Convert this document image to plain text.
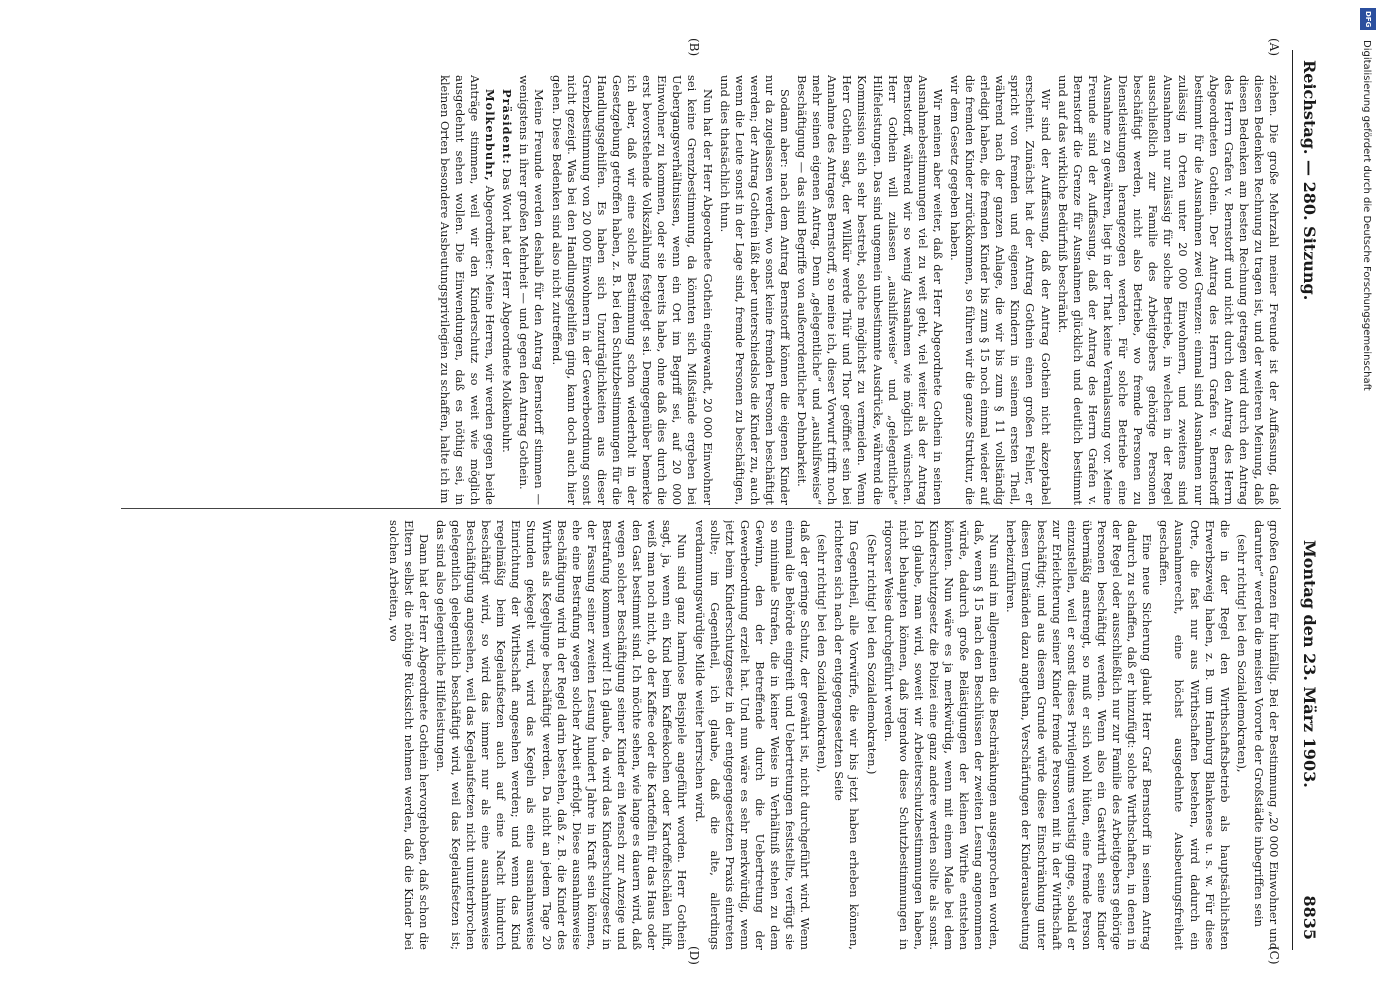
Reichstag. — 280. Sitzung.
Montag den 23. März 1903.
8835
(A)
(B)
(C)
(D)

ziehen. Die große Mehrzahl meiner Freunde ist der Auffassung, daß diesen Bedenken Rechnung zu tragen ist, und der weiteren Meinung, daß diesen Bedenken am besten Rechnung getragen wird durch den Antrag des Herrn Grafen v. Bernstorff und nicht durch den Antrag des Herrn Abgeordneten Gothein. Der Antrag des Herrn Grafen v. Bernstorff bestimmt für die Ausnahmen zwei Grenzen: einmal sind Ausnahmen nur zulässig in Orten unter 20 000 Einwohnern, und zweitens sind Ausnahmen nur zulässig für solche Betriebe, in welchen in der Regel ausschließlich zur Familie des Arbeitgebers gehörige Personen beschäftigt werden, nicht also Betriebe, wo fremde Personen zu Dienstleistungen herangezogen werden. Für solche Betriebe eine Ausnahme zu gewähren, liegt in der That keine Veranlassung vor. Meine Freunde sind der Auffassung, daß der Antrag des Herrn Grafen v. Bernstorff die Grenze für Ausnahmen glücklich und deutlich bestimmt und auf das wirkliche Bedürfniß beschränkt.

Wir sind der Auffassung, daß der Antrag Gothein nicht akzeptabel erscheint. Zunächst hat der Antrag Gothein einen großen Fehler, er spricht von fremden und eigenen Kindern in seinem ersten Theil, während nach der ganzen Anlage, die wir bis zum § 11 vollständig erledigt haben, die fremden Kinder bis zum § 15 noch einmal wieder auf die fremden Kinder zurückkommen, so führen wir die ganze Struktur, die wir dem Gesetz gegeben haben.

Wir meinen aber weiter, daß der Herr Abgeordnete Gothein in seinen Ausnahmebestimmungen viel zu weit geht, viel weiter als der Antrag Bernstorff, während wir so wenig Ausnahmen wie möglich wünschen. Herr Gothein will zulassen „aushilfsweise“ und „gelegentliche“ Hilfeleistungen. Das sind ungemein unbestimmte Ausdrücke, während die Kommission sich sehr bestrebt, solche möglichst zu vermeiden. Wenn Herr Gothein sagt, der Willkür werde Thür und Thor geöffnet sein bei Annahme des Antrages Bernstorff, so meine ich, dieser Vorwurf trifft noch mehr seinen eigenen Antrag. Denn „gelegentliche“ und „aushilfsweise“ Beschäftigung — das sind Begriffe von außerordentlicher Dehnbarkeit.

Sodann aber: nach dem Antrag Bernstorff können die eigenen Kinder nur da zugelassen werden, wo sonst keine fremden Personen beschäftigt werden; der Antrag Gothein läßt aber unterschiedslos die Kinder zu, auch wenn die Leute sonst in der Lage sind, fremde Personen zu beschäftigen, und dies thatsächlich thun.

Nun hat der Herr Abgeordnete Gothein eingewandt, 20 000 Einwohner sei keine Grenzbestimmung, da könnten sich Mißstände ergeben bei Uebergangsverhältnissen, wenn ein Ort im Begriff sei, auf 20 000 Einwohner zu kommen, oder sie bereits habe, ohne daß dies durch die erst bevorstehende Volkszählung festgelegt sei. Demgegenüber bemerke ich aber, daß wir eine solche Bestimmung schon wiederholt in der Gesetzgebung getroffen haben, z. B. bei den Schutzbestimmungen für die Handlungsgehilfen. Es haben sich Unzuträglichkeiten aus dieser Grenzbestimmung von 20 000 Einwohnern in der Gewerbeordnung sonst nicht gezeigt. Was bei den Handlungsgehilfen ging, kann doch auch hier gehen. Diese Bedenken sind also nicht zutreffend.

Meine Freunde werden deshalb für den Antrag Bernstorff stimmen — wenigstens in ihrer großen Mehrheit — und gegen den Antrag Gothein.

Präsident: Das Wort hat der Herr Abgeordnete Molkenbuhr.

Molkenbuhr, Abgeordneter: Meine Herren, wir werden gegen beide Anträge stimmen, weil wir den Kinderschutz so weit wie möglich ausgedehnt sehen wollen. Die Einwendungen, daß es nöthig sei, in kleinen Orten besondere Ausbeutungsprivilegien zu schaffen, halte ich im

großen Ganzen für hinfällig. Bei der Bestimmung „20 000 Einwohner und darunter“ werden die meisten Vororte der Großstädte inbegriffen sein

(sehr richtig! bei den Sozialdemokraten),

die in der Regel den Wirthschaftsbetrieb als hauptsächlichsten Erwerbszweig haben, z. B. um Hamburg Blankenese u. s. w. Für diese Orte, die fast nur aus Wirthschaften bestehen, wird dadurch ein Ausnahmerecht, eine höchst ausgedehnte Ausbeutungsfreiheit geschaffen.

Eine neue Sicherung glaubt Herr Graf Bernstorff in seinem Antrag dadurch zu schaffen, daß er hinzufügt: solche Wirthschaften, in denen in der Regel oder ausschließlich nur zur Familie des Arbeitgebers gehörige Personen beschäftigt werden. Wenn also ein Gastwirth seine Kinder übermäßig anstrengt, so muß er sich wohl hüten, eine fremde Person einzustellen, weil er sonst dieses Privilegiums verlustig ginge, sobald er zur Erleichterung seiner Kinder fremde Personen mit in der Wirthschaft beschäftigt; und aus diesem Grunde würde diese Einschränkung unter diesen Umständen dazu angethan, Verschärfungen der Kinderausbeutung herbeizuführen.

Nun sind im allgemeinen die Beschränkungen ausgesprochen worden, daß, wenn § 15 nach den Beschlüssen der zweiten Lesung angenommen würde, dadurch große Belästigungen der kleinen Wirthe entstehen könnten. Nun wäre es ja merkwürdig, wenn mit einem Male bei dem Kinderschutzgesetz die Polizei eine ganz andere werden sollte als sonst. Ich glaube, man wird, soweit wir Arbeiterschutzbestimmungen haben, nicht behaupten können, daß irgendwo diese Schutzbestimmungen in rigoroser Weise durchgeführt werden.

(Sehr richtig! bei den Sozialdemokraten.)

Im Gegentheil, alle Vorwürfe, die wir bis jetzt haben erheben können, richteten sich nach der entgegengesetzten Seite

(sehr richtig! bei den Sozialdemokraten),

daß der geringe Schutz, der gewährt ist, nicht durchgeführt wird. Wenn einmal die Behörde eingreift und Uebertretungen feststellte, verfügt sie so minimale Strafen, die in keiner Weise in Verhältniß stehen zu dem Gewinn, den der Betreffende durch die Uebertretung der Gewerbeordnung erzielt hat. Und nun wäre es sehr merkwürdig, wenn jetzt beim Kinderschutzgesetz in der entgegengesetzten Praxis eintreten sollte; im Gegentheil, ich glaube, daß die alte, allerdings verdammungswürdige Milde weiter herrschen wird.

Nun sind ganz harmlose Beispiele angeführt worden. Herr Gothein sagt, ja, wenn ein Kind beim Kaffeekochen oder Kartoffelschälen hilft, weiß man noch nicht, ob der Kaffee oder die Kartoffeln für das Haus oder den Gast bestimmt sind. Ich möchte sehen, wie lange es dauern wird, daß wegen solcher Beschäftigung seiner Kinder ein Mensch zur Anzeige und Bestrafung kommen wird! Ich glaube, da wird das Kinderschutzgesetz in der Fassung seiner zweiten Lesung hundert Jahre in Kraft sein können, ehe eine Bestrafung wegen solcher Arbeit erfolgt. Diese ausnahmsweise Beschäftigung wird in der Regel darin bestehen, daß z. B. die Kinder des Wirthes als Kegeljunge beschäftigt werden. Da nicht an jedem Tage 20 Stunden gekegelt wird, wird das Kegeln als eine ausnahmsweise Einrichtung der Wirthschaft angesehen werden; und wenn das Kind regelmäßig beim Kegelaufsetzen auch auf eine Nacht hindurch beschäftigt wird, so wird das immer nur als eine ausnahmsweise Beschäftigung angesehen, weil das Kegelaufsetzen nicht ununterbrochen gelegentlich gelegentlich beschäftigt wird, weil das Kegelaufsetzen ist; das sind also gelegentliche Hilfeleistungen.

Dann hat der Herr Abgeordnete Gothein hervorgehoben, daß schon die Eltern selbst die nöthige Rücksicht nehmen werden, daß die Kinder bei solchen Arbeiten, wo

DFG
Digitalisierung gefördert durch die Deutsche Forschungsgemeinschaft
